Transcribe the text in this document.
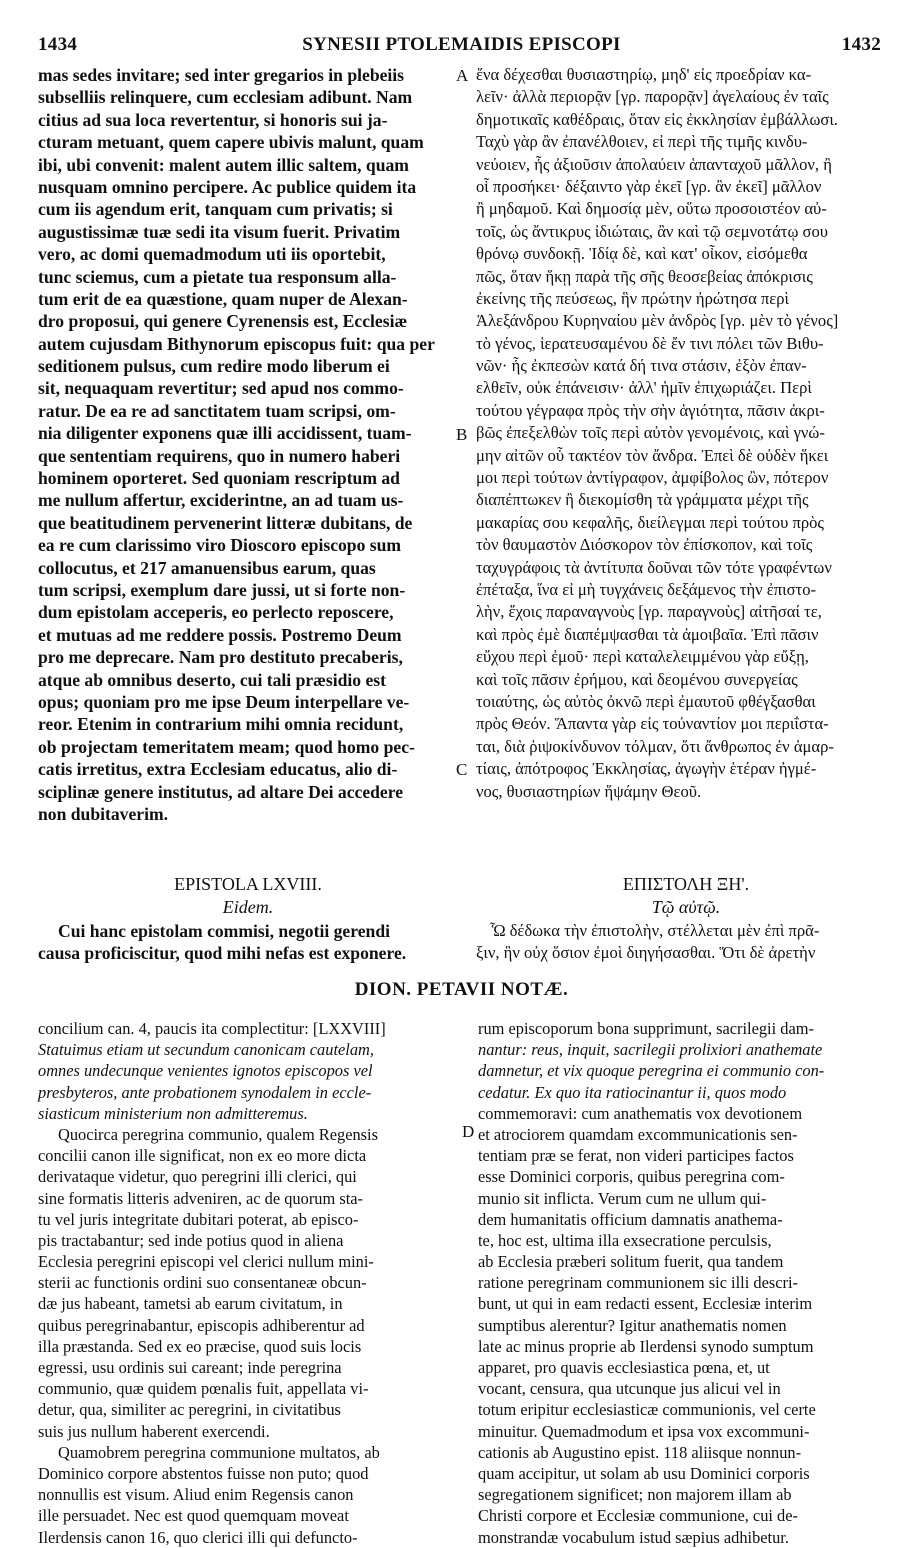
1434	SYNESII PTOLEMAIDIS EPISCOPI	1432
mas sedes invitare; sed inter gregarios in plebeiis
subselliis relinquere, cum ecclesiam adibunt. Nam
citius ad sua loca revertentur, si honoris sui ja-
cturam metuant, quem capere ubivis malunt, quam
ibi, ubi convenit: malent autem illic saltem, quam
nusquam omnino percipere. Ac publice quidem ita
cum iis agendum erit, tanquam cum privatis; si
augustissimæ tuæ sedi ita visum fuerit. Privatim
vero, ac domi quemadmodum uti iis oportebit,
tunc sciemus, cum a pietate tua responsum alla-
tum erit de ea quæstione, quam nuper de Alexan-
dro proposui, qui genere Cyrenensis est, Ecclesiæ
autem cujusdam Bithynorum episcopus fuit: qua per
seditionem pulsus, cum redire modo liberum ei
sit, nequaquam revertitur; sed apud nos commo-
ratur. De ea re ad sanctitatem tuam scripsi, om-
nia diligenter exponens quæ illi accidissent, tuam-
que sententiam requirens, quo in numero haberi
hominem oporteret. Sed quoniam rescriptum ad
me nullum affertur, exciderintne, an ad tuam us-
que beatitudinem pervenerint litteræ dubitans, de
ea re cum clarissimo viro Dioscoro episcopo sum
collocutus, et 217 amanuensibus earum, quas
tum scripsi, exemplum dare jussi, ut si forte non-
dum epistolam acceperis, eo perlecto reposcere,
et mutuas ad me reddere possis. Postremo Deum
pro me deprecare. Nam pro destituto precaberis,
atque ab omnibus deserto, cui tali præsidio est
opus; quoniam pro me ipse Deum interpellare ve-
reor. Etenim in contrarium mihi omnia recidunt,
ob projectam temeritatem meam; quod homo pec-
catis irretitus, extra Ecclesiam educatus, alio di-
sciplinæ genere institutus, ad altare Dei accedere
non dubitaverim.
ἕνα δέχεσθαι θυσιαστηρίῳ, μηδ' εἰς προεδρίαν κα-
λεῖν· ἀλλὰ περιορᾷν [γρ. παρορᾷν] ἀγελαίους ἐν ταῖς
δημοτικαῖς καθέδραις, ὅταν εἰς ἐκκλησίαν ἐμβάλλωσι.
Ταχὺ γὰρ ἂν ἐπανέλθοιεν, εἰ περὶ τῆς τιμῆς κινδυ-
νεύοιεν, ἧς ἀξιοῦσιν ἀπολαύειν ἁπανταχοῦ μᾶλλον, ἢ
οἷ προσήκει· δέξαιντο γὰρ ἐκεῖ [γρ. ἂν ἐκεῖ] μᾶλλον
ἢ μηδαμοῦ. Καὶ δημοσίᾳ μὲν, οὕτω προσοιστέον αὐ-
τοῖς, ὡς ἄντικρυς ἰδιώταις, ἂν καὶ τῷ σεμνοτάτῳ σου
θρόνῳ συνδοκῇ. Ἰδίᾳ δὲ, καὶ κατ' οἶκον, εἰσόμεθα
πῶς, ὅταν ἥκῃ παρὰ τῆς σῆς θεοσεβείας ἀπόκρισις
ἐκείνης τῆς πεύσεως, ἣν πρώτην ἠρώτησα περὶ
Ἀλεξάνδρου Κυρηναίου μὲν ἀνδρὸς [γρ. μὲν τὸ γένος]
τὸ γένος, ἱερατευσαμένου δὲ ἔν τινι πόλει τῶν Βιθυ-
νῶν· ἧς ἐκπεσὼν κατά δή τινα στάσιν, ἐξὸν ἐπαν-
ελθεῖν, οὐκ ἐπάνεισιν· ἀλλ' ἡμῖν ἐπιχωριάζει. Περὶ
τούτου γέγραφα πρὸς τὴν σὴν ἁγιότητα, πᾶσιν ἀκρι-
βῶς ἐπεξελθὼν τοῖς περὶ αὐτὸν γενομένοις, καὶ γνώ-
μην αἰτῶν οὗ τακτέον τὸν ἄνδρα. Ἐπεὶ δὲ οὐδὲν ἥκει
μοι περὶ τούτων ἀντίγραφον, ἀμφίβολος ὢν, πότερον
διαπέπτωκεν ἢ διεκομίσθη τὰ γράμματα μέχρι τῆς
μακαρίας σου κεφαλῆς, διείλεγμαι περὶ τούτου πρὸς
τὸν θαυμαστὸν Διόσκορον τὸν ἐπίσκοπον, καὶ τοῖς
ταχυγράφοις τὰ ἀντίτυπα δοῦναι τῶν τότε γραφέντων
ἐπέταξα, ἵνα εἰ μὴ τυγχάνεις δεξάμενος τὴν ἐπιστο-
λὴν, ἔχοις παραναγνοὺς [γρ. παραγνοὺς] αἰτῆσαί τε,
καὶ πρὸς ἐμὲ διαπέμψασθαι τὰ ἀμοιβαῖα. Ἐπὶ πᾶσιν
εὔχου περὶ ἐμοῦ· περὶ καταλελειμμένου γὰρ εὔξῃ,
καὶ τοῖς πᾶσιν ἐρήμου, καὶ δεομένου συνεργείας
τοιαύτης, ὡς αὐτὸς ὀκνῶ περὶ ἐμαυτοῦ φθέγξασθαι
πρὸς Θεόν. Ἅπαντα γὰρ εἰς τοὐναντίον μοι περιΐστα-
ται, διὰ ῥιψοκίνδυνον τόλμαν, ὅτι ἄνθρωπος ἐν ἁμαρ-
τίαις, ἀπότροφος Ἐκκλησίας, ἀγωγὴν ἑτέραν ἠγμέ-
νος, θυσιαστηρίων ἥψάμην Θεοῦ.
A
B
C
D
EPISTOLA LXVIII.
Eidem.
Cui hanc epistolam commisi, negotii gerendi
causa proficiscitur, quod mihi nefas est exponere.
ΕΠΙΣΤΟΛΗ ΞΗ'.
Τῷ αὐτῷ.
Ὧ δέδωκα τὴν ἐπιστολὴν, στέλλεται μὲν ἐπὶ πρᾶ-
ξιν, ἣν οὐχ ὅσιον ἐμοὶ διηγήσασθαι. Ὅτι δὲ ἀρετὴν
DION. PETAVII NOTÆ.
concilium can. 4, paucis ita complectitur: [LXXVIII]
Statuimus etiam ut secundum canonicam cautelam,
omnes undecunque venientes ignotos episcopos vel
presbyteros, ante probationem synodalem in eccle-
siasticum ministerium non admitteremus.
Quocirca peregrina communio, qualem Regensis
concilii canon ille significat, non ex eo more dicta
derivataque videtur, quo peregrini illi clerici, qui
sine formatis litteris adveniren, ac de quorum sta-
tu vel juris integritate dubitari poterat, ab episco-
pis tractabantur; sed inde potius quod in aliena
Ecclesia peregrini episcopi vel clerici nullum mini-
sterii ac functionis ordini suo consentaneæ obcun-
dæ jus habeant, tametsi ab earum civitatum, in
quibus peregrinabantur, episcopis adhiberentur ad
illa præstanda. Sed ex eo præcise, quod suis locis
egressi, usu ordinis sui careant; inde peregrina
communio, quæ quidem pœnalis fuit, appellata vi-
detur, qua, similiter ac peregrini, in civitatibus
suis jus nullum haberent exercendi.
Quamobrem peregrina communione multatos, ab
Dominico corpore abstentos fuisse non puto; quod
nonnullis est visum. Aliud enim Regensis canon
ille persuadet. Nec est quod quemquam moveat
Ilerdensis canon 16, quo clerici illi qui defuncto-
rum episcoporum bona supprimunt, sacrilegii dam-
nantur: reus, inquit, sacrilegii prolixiori anathemate
damnetur, et vix quoque peregrina ei communio con-
cedatur. Ex quo ita ratiocinantur ii, quos modo
commemoravi: cum anathematis vox devotionem
et atrociorem quamdam excommunicationis sen-
tentiam præ se ferat, non videri participes factos
esse Dominici corporis, quibus peregrina com-
munio sit inflicta. Verum cum ne ullum qui-
dem humanitatis officium damnatis anathema-
te, hoc est, ultima illa exsecratione perculsis,
ab Ecclesia præberi solitum fuerit, qua tandem
ratione peregrinam communionem sic illi descri-
bunt, ut qui in eam redacti essent, Ecclesiæ interim
sumptibus alerentur? Igitur anathematis nomen
late ac minus proprie ab Ilerdensi synodo sumptum
apparet, pro quavis ecclesiastica pœna, et, ut
vocant, censura, qua utcunque jus alicui vel in
totum eripitur ecclesiasticæ communionis, vel certe
minuitur. Quemadmodum et ipsa vox excommuni-
cationis ab Augustino epist. 118 aliisque nonnun-
quam accipitur, ut solam ab usu Dominici corporis
segregationem significet; non majorem illam ab
Christi corpore et Ecclesiæ communione, cui de-
monstrandæ vocabulum istud sæpius adhibetur.
